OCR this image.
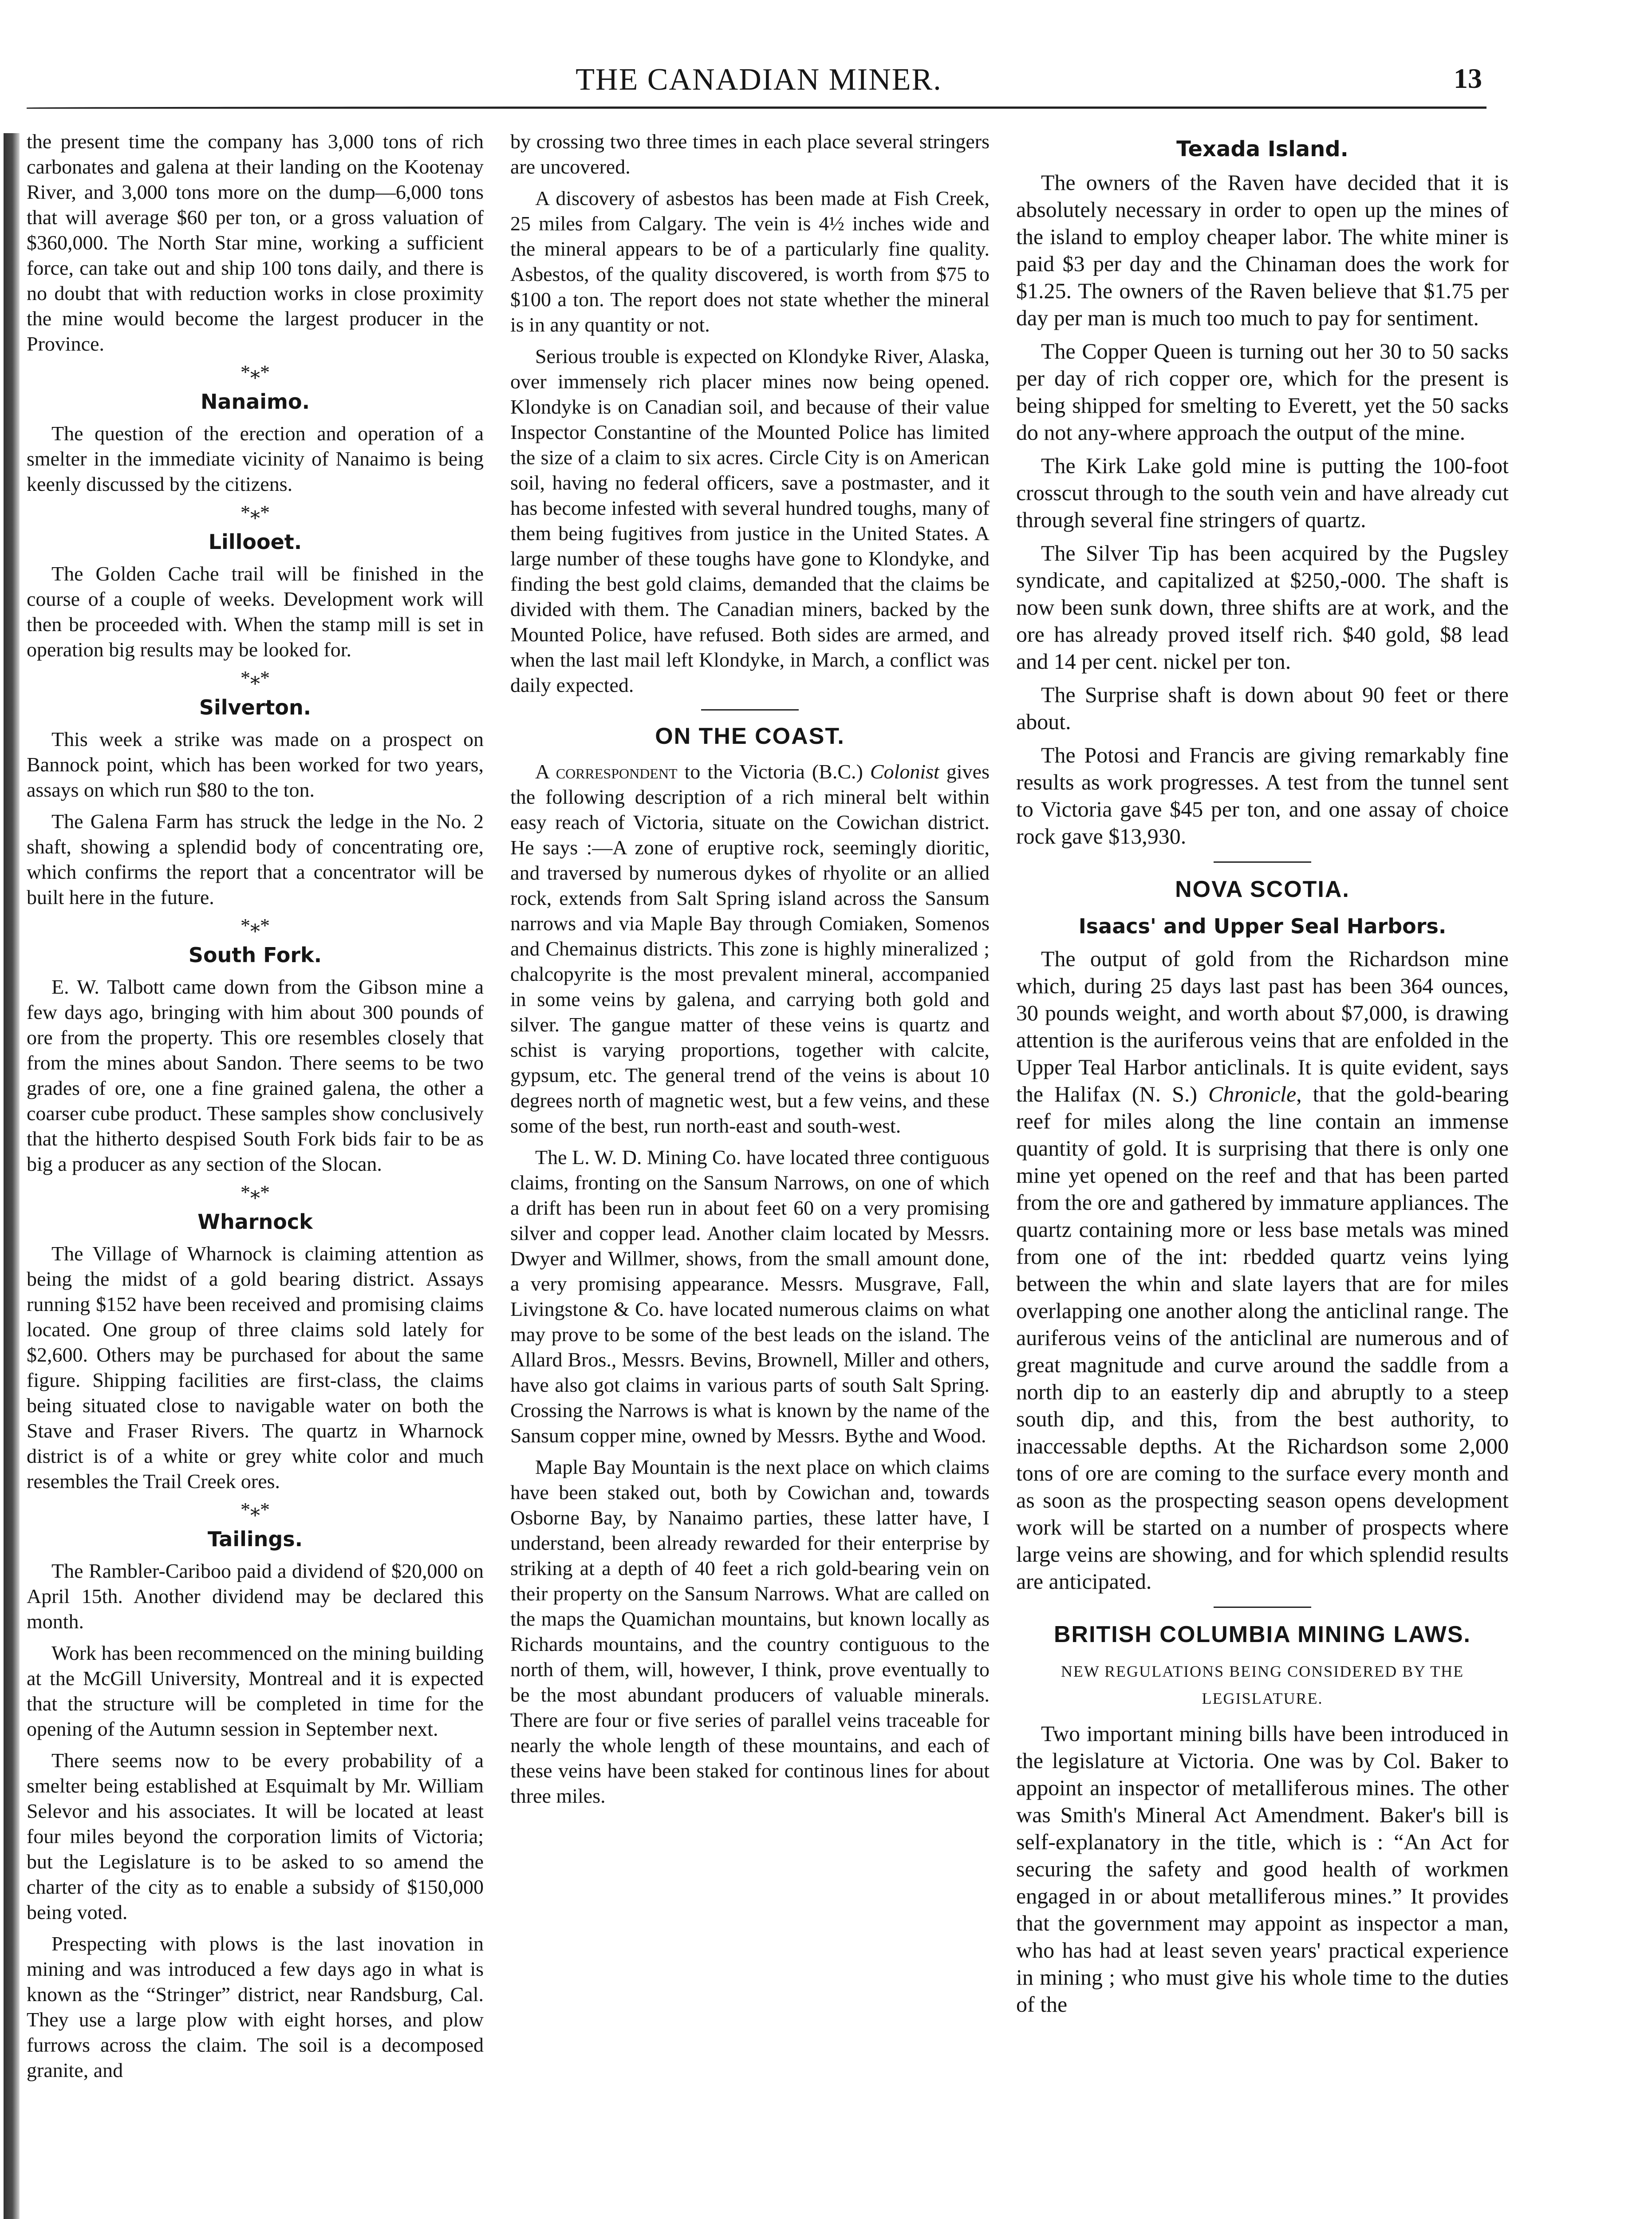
THE CANADIAN MINER.	13

the present time the company has 3,000 tons of rich carbonates and galena at their landing on the Kootenay River, and 3,000 tons more on the dump—6,000 tons that will average $60 per ton, or a gross valuation of $360,000. The North Star mine, working a sufficient force, can take out and ship 100 tons daily, and there is no doubt that with reduction works in close proximity the mine would become the largest producer in the Province.

*⁎*
Nanaimo.

The question of the erection and operation of a smelter in the immediate vicinity of Nanaimo is being keenly discussed by the citizens.

*⁎*
Lillooet.

The Golden Cache trail will be finished in the course of a couple of weeks. Development work will then be proceeded with. When the stamp mill is set in operation big results may be looked for.

*⁎*
Silverton.

This week a strike was made on a prospect on Bannock point, which has been worked for two years, assays on which run $80 to the ton.

The Galena Farm has struck the ledge in the No. 2 shaft, showing a splendid body of concentrating ore, which confirms the report that a concentrator will be built here in the future.

*⁎*
South Fork.

E. W. Talbott came down from the Gibson mine a few days ago, bringing with him about 300 pounds of ore from the property. This ore resembles closely that from the mines about Sandon. There seems to be two grades of ore, one a fine grained galena, the other a coarser cube product. These samples show conclusively that the hitherto despised South Fork bids fair to be as big a producer as any section of the Slocan.

*⁎*
Wharnock

The Village of Wharnock is claiming attention as being the midst of a gold bearing district. Assays running $152 have been received and promising claims located. One group of three claims sold lately for $2,600. Others may be purchased for about the same figure. Shipping facilities are first-class, the claims being situated close to navigable water on both the Stave and Fraser Rivers. The quartz in Wharnock district is of a white or grey white color and much resembles the Trail Creek ores.

*⁎*
Tailings.

The Rambler-Cariboo paid a dividend of $20,000 on April 15th. Another dividend may be declared this month.

Work has been recommenced on the mining building at the McGill University, Montreal and it is expected that the structure will be completed in time for the opening of the Autumn session in September next.

There seems now to be every probability of a smelter being established at Esquimalt by Mr. William Selevor and his associates. It will be located at least four miles beyond the corporation limits of Victoria; but the Legislature is to be asked to so amend the charter of the city as to enable a subsidy of $150,000 being voted.

Prespecting with plows is the last inovation in mining and was introduced a few days ago in what is known as the “Stringer” district, near Randsburg, Cal. They use a large plow with eight horses, and plow furrows across the claim. The soil is a decomposed granite, and

by crossing two three times in each place several stringers are uncovered.

A discovery of asbestos has been made at Fish Creek, 25 miles from Calgary. The vein is 4½ inches wide and the mineral appears to be of a particularly fine quality. Asbestos, of the quality discovered, is worth from $75 to $100 a ton. The report does not state whether the mineral is in any quantity or not.

Serious trouble is expected on Klondyke River, Alaska, over immensely rich placer mines now being opened. Klondyke is on Canadian soil, and because of their value Inspector Constantine of the Mounted Police has limited the size of a claim to six acres. Circle City is on American soil, having no federal officers, save a postmaster, and it has become infested with several hundred toughs, many of them being fugitives from justice in the United States. A large number of these toughs have gone to Klondyke, and finding the best gold claims, demanded that the claims be divided with them. The Canadian miners, backed by the Mounted Police, have refused. Both sides are armed, and when the last mail left Klondyke, in March, a conflict was daily expected.

ON THE COAST.

A correspondent to the Victoria (B.C.) Colonist gives the following description of a rich mineral belt within easy reach of Victoria, situate on the Cowichan district. He says :—A zone of eruptive rock, seemingly dioritic, and traversed by numerous dykes of rhyolite or an allied rock, extends from Salt Spring island across the Sansum narrows and via Maple Bay through Comiaken, Somenos and Chemainus districts. This zone is highly mineralized ; chalcopyrite is the most prevalent mineral, accompanied in some veins by galena, and carrying both gold and silver. The gangue matter of these veins is quartz and schist is varying proportions, together with calcite, gypsum, etc. The general trend of the veins is about 10 degrees north of magnetic west, but a few veins, and these some of the best, run north-east and south-west.

The L. W. D. Mining Co. have located three contiguous claims, fronting on the Sansum Narrows, on one of which a drift has been run in about feet 60 on a very promising silver and copper lead. Another claim located by Messrs. Dwyer and Willmer, shows, from the small amount done, a very promising appearance. Messrs. Musgrave, Fall, Livingstone & Co. have located numerous claims on what may prove to be some of the best leads on the island. The Allard Bros., Messrs. Bevins, Brownell, Miller and others, have also got claims in various parts of south Salt Spring. Crossing the Narrows is what is known by the name of the Sansum copper mine, owned by Messrs. Bythe and Wood.

Maple Bay Mountain is the next place on which claims have been staked out, both by Cowichan and, towards Osborne Bay, by Nanaimo parties, these latter have, I understand, been already rewarded for their enterprise by striking at a depth of 40 feet a rich gold-bearing vein on their property on the Sansum Narrows. What are called on the maps the Quamichan mountains, but known locally as Richards mountains, and the country contiguous to the north of them, will, however, I think, prove eventually to be the most abundant producers of valuable minerals. There are four or five series of parallel veins traceable for nearly the whole length of these mountains, and each of these veins have been staked for continous lines for about three miles.

Texada Island.

The owners of the Raven have decided that it is absolutely necessary in order to open up the mines of the island to employ cheaper labor. The white miner is paid $3 per day and the Chinaman does the work for $1.25. The owners of the Raven believe that $1.75 per day per man is much too much to pay for sentiment.

The Copper Queen is turning out her 30 to 50 sacks per day of rich copper ore, which for the present is being shipped for smelting to Everett, yet the 50 sacks do not any-where approach the output of the mine.

The Kirk Lake gold mine is putting the 100-foot crosscut through to the south vein and have already cut through several fine stringers of quartz.

The Silver Tip has been acquired by the Pugsley syndicate, and capitalized at $250,-000. The shaft is now been sunk down, three shifts are at work, and the ore has already proved itself rich. $40 gold, $8 lead and 14 per cent. nickel per ton.

The Surprise shaft is down about 90 feet or there about.

The Potosi and Francis are giving remarkably fine results as work progresses. A test from the tunnel sent to Victoria gave $45 per ton, and one assay of choice rock gave $13,930.

NOVA SCOTIA.
Isaacs' and Upper Seal Harbors.

The output of gold from the Richardson mine which, during 25 days last past has been 364 ounces, 30 pounds weight, and worth about $7,000, is drawing attention is the auriferous veins that are enfolded in the Upper Teal Harbor anticlinals. It is quite evident, says the Halifax (N. S.) Chronicle, that the gold-bearing reef for miles along the line contain an immense quantity of gold. It is surprising that there is only one mine yet opened on the reef and that has been parted from the ore and gathered by immature appliances. The quartz containing more or less base metals was mined from one of the int: rbedded quartz veins lying between the whin and slate layers that are for miles overlapping one another along the anticlinal range. The auriferous veins of the anticlinal are numerous and of great magnitude and curve around the saddle from a north dip to an easterly dip and abruptly to a steep south dip, and this, from the best authority, to inaccessable depths. At the Richardson some 2,000 tons of ore are coming to the surface every month and as soon as the prospecting season opens development work will be started on a number of prospects where large veins are showing, and for which splendid results are anticipated.

BRITISH COLUMBIA MINING LAWS.
NEW REGULATIONS BEING CONSIDERED BY THE LEGISLATURE.

Two important mining bills have been introduced in the legislature at Victoria. One was by Col. Baker to appoint an inspector of metalliferous mines. The other was Smith's Mineral Act Amendment. Baker's bill is self-explanatory in the title, which is : “An Act for securing the safety and good health of workmen engaged in or about metalliferous mines.” It provides that the government may appoint as inspector a man, who has had at least seven years' practical experience in mining ; who must give his whole time to the duties of the
